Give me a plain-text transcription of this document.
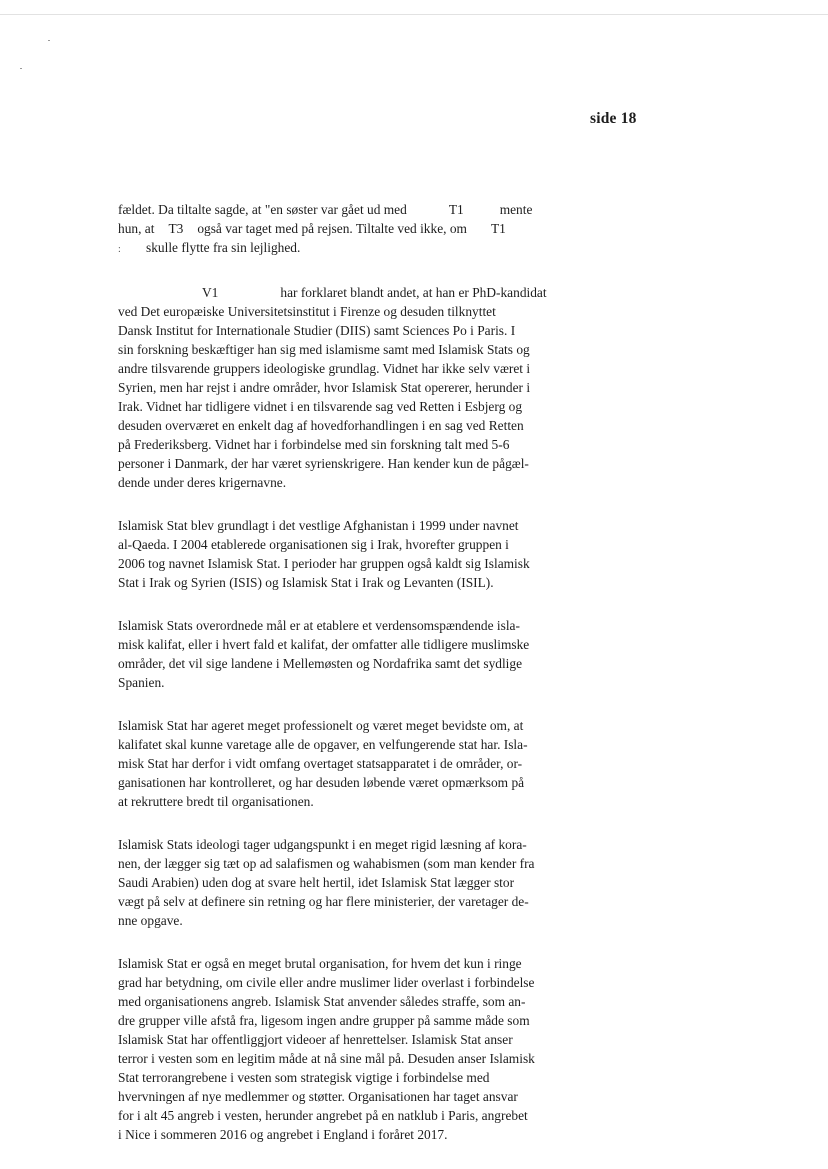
side 18
fældet. Da tiltalte sagde, at "en søster var gået ud med	T1	mente
hun, at T3 også var taget med på rejsen. Tiltalte ved ikke, om T1
: skulle flytte fra sin lejlighed.
V1	har forklaret blandt andet, at han er PhD-kandidat
ved Det europæiske Universitetsinstitut i Firenze og desuden tilknyttet
Dansk Institut for Internationale Studier (DIIS) samt Sciences Po i Paris. I
sin forskning beskæftiger han sig med islamisme samt med Islamisk Stats og
andre tilsvarende gruppers ideologiske grundlag. Vidnet har ikke selv været i
Syrien, men har rejst i andre områder, hvor Islamisk Stat opererer, herunder i
Irak. Vidnet har tidligere vidnet i en tilsvarende sag ved Retten i Esbjerg og
desuden overværet en enkelt dag af hovedforhandlingen i en sag ved Retten
på Frederiksberg. Vidnet har i forbindelse med sin forskning talt med 5-6
personer i Danmark, der har været syrienskrigere. Han kender kun de pågæl-
dende under deres krigernavne.
Islamisk Stat blev grundlagt i det vestlige Afghanistan i 1999 under navnet
al-Qaeda. I 2004 etablerede organisationen sig i Irak, hvorefter gruppen i
2006 tog navnet Islamisk Stat. I perioder har gruppen også kaldt sig Islamisk
Stat i Irak og Syrien (ISIS) og Islamisk Stat i Irak og Levanten (ISIL).
Islamisk Stats overordnede mål er at etablere et verdensomspændende isla-
misk kalifat, eller i hvert fald et kalifat, der omfatter alle tidligere muslimske
områder, det vil sige landene i Mellemøsten og Nordafrika samt det sydlige
Spanien.
Islamisk Stat har ageret meget professionelt og været meget bevidste om, at
kalifatet skal kunne varetage alle de opgaver, en velfungerende stat har. Isla-
misk Stat har derfor i vidt omfang overtaget statsapparatet i de områder, or-
ganisationen har kontrolleret, og har desuden løbende været opmærksom på
at rekruttere bredt til organisationen.
Islamisk Stats ideologi tager udgangspunkt i en meget rigid læsning af kora-
nen, der lægger sig tæt op ad salafismen og wahabismen (som man kender fra
Saudi Arabien) uden dog at svare helt hertil, idet Islamisk Stat lægger stor
vægt på selv at definere sin retning og har flere ministerier, der varetager de-
nne opgave.
Islamisk Stat er også en meget brutal organisation, for hvem det kun i ringe
grad har betydning, om civile eller andre muslimer lider overlast i forbindelse
med organisationens angreb. Islamisk Stat anvender således straffe, som an-
dre grupper ville afstå fra, ligesom ingen andre grupper på samme måde som
Islamisk Stat har offentliggjort videoer af henrettelser. Islamisk Stat anser
terror i vesten som en legitim måde at nå sine mål på. Desuden anser Islamisk
Stat terrorangrebene i vesten som strategisk vigtige i forbindelse med
hvervningen af nye medlemmer og støtter. Organisationen har taget ansvar
for i alt 45 angreb i vesten, herunder angrebet på en natklub i Paris, angrebet
i Nice i sommeren 2016 og angrebet i England i foråret 2017.
